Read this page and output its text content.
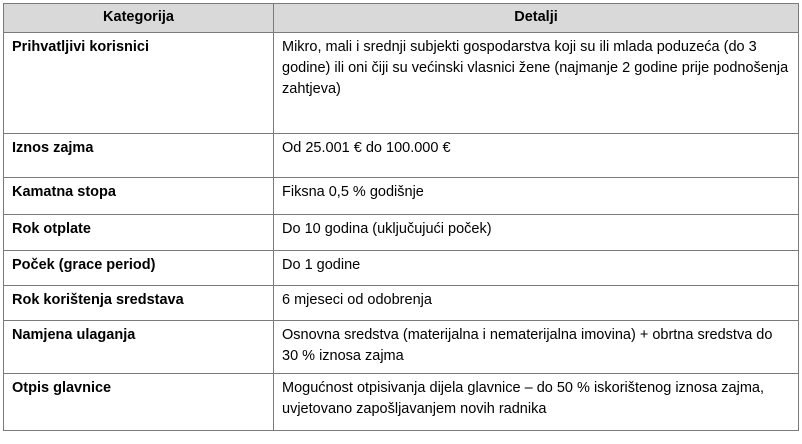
Kategorija	Detalji
Prihvatljivi korisnici	Mikro, mali i srednji subjekti gospodarstva koji su ili mlada poduzeća (do 3 godine) ili oni čiji su većinski vlasnici žene (najmanje 2 godine prije podnošenja zahtjeva)
Iznos zajma	Od 25.001 € do 100.000 €
Kamatna stopa	Fiksna 0,5 % godišnje
Rok otplate	Do 10 godina (uključujući poček)
Poček (grace period)	Do 1 godine
Rok korištenja sredstava	6 mjeseci od odobrenja
Namjena ulaganja	Osnovna sredstva (materijalna i nematerijalna imovina) + obrtna sredstva do 30 % iznosa zajma
Otpis glavnice	Mogućnost otpisivanja dijela glavnice – do 50 % iskorištenog iznosa zajma, uvjetovano zapošljavanjem novih radnika
